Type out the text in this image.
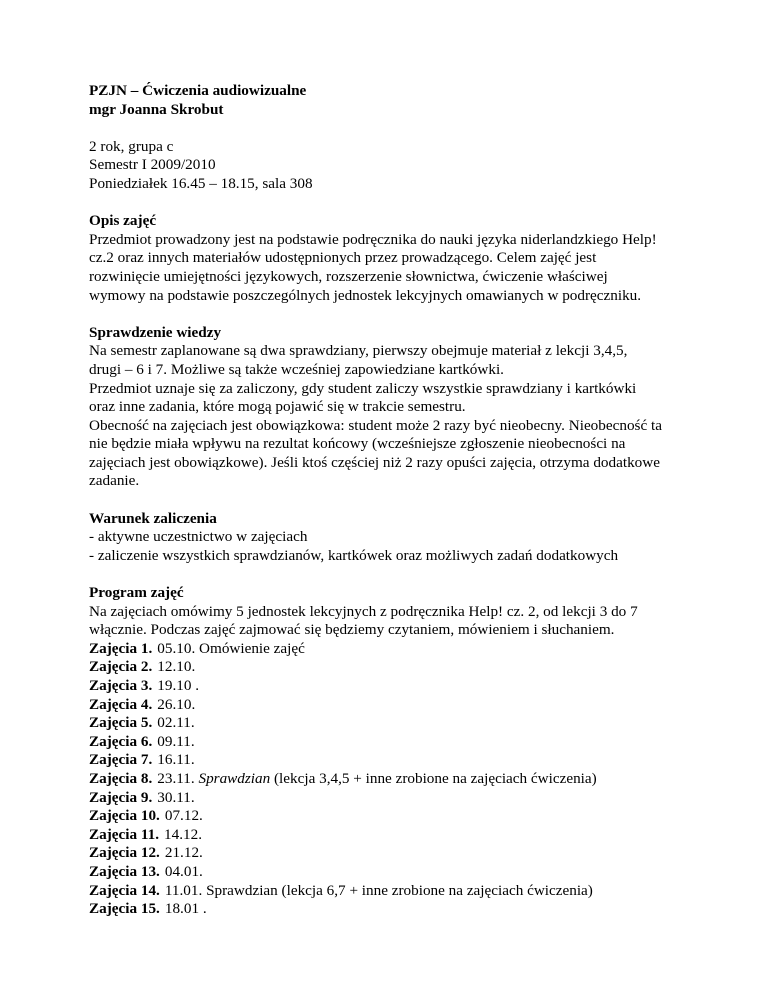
PZJN – Ćwiczenia audiowizualne
mgr Joanna Skrobut
2 rok, grupa c
Semestr I 2009/2010
Poniedziałek 16.45 – 18.15, sala 308
Opis zajęć
Przedmiot prowadzony jest na podstawie podręcznika do nauki języka niderlandzkiego Help!
cz.2 oraz innych materiałów udostępnionych przez prowadzącego. Celem zajęć jest
rozwinięcie umiejętności językowych, rozszerzenie słownictwa, ćwiczenie właściwej
wymowy na podstawie poszczególnych jednostek lekcyjnych omawianych w podręczniku.
Sprawdzenie wiedzy
Na semestr zaplanowane są dwa sprawdziany, pierwszy obejmuje materiał z lekcji 3,4,5,
drugi – 6 i 7. Możliwe są także wcześniej zapowiedziane kartkówki.
Przedmiot uznaje się za zaliczony, gdy student zaliczy wszystkie sprawdziany i kartkówki
oraz inne zadania, które mogą pojawić się w trakcie semestru.
Obecność na zajęciach jest obowiązkowa: student może 2 razy być nieobecny. Nieobecność ta
nie będzie miała wpływu na rezultat końcowy (wcześniejsze zgłoszenie nieobecności na
zajęciach jest obowiązkowe). Jeśli ktoś częściej niż 2 razy opuści zajęcia, otrzyma dodatkowe
zadanie.
Warunek zaliczenia
- aktywne uczestnictwo w zajęciach
- zaliczenie wszystkich sprawdzianów, kartkówek oraz możliwych zadań dodatkowych
Program zajęć
Na zajęciach omówimy 5 jednostek lekcyjnych z podręcznika Help! cz. 2, od lekcji 3 do 7
włącznie. Podczas zajęć zajmować się będziemy czytaniem, mówieniem i słuchaniem.
Zajęcia 1. 05.10.
Omówienie zajęć
Zajęcia 2. 12.10.
Zajęcia 3. 19.10 .
Zajęcia 4. 26.10.
Zajęcia 5. 02.11.
Zajęcia 6. 09.11.
Zajęcia 7. 16.11.
Zajęcia 8. 23.11.
Sprawdzian
(lekcja 3,4,5 + inne zrobione na zajęciach ćwiczenia)
Zajęcia 9. 30.11.
Zajęcia 10. 07.12.
Zajęcia 11. 14.12.
Zajęcia 12. 21.12.
Zajęcia 13. 04.01.
Zajęcia 14. 11.01.
Sprawdzian (lekcja 6,7 + inne zrobione na zajęciach ćwiczenia)
Zajęcia 15. 18.01 .
